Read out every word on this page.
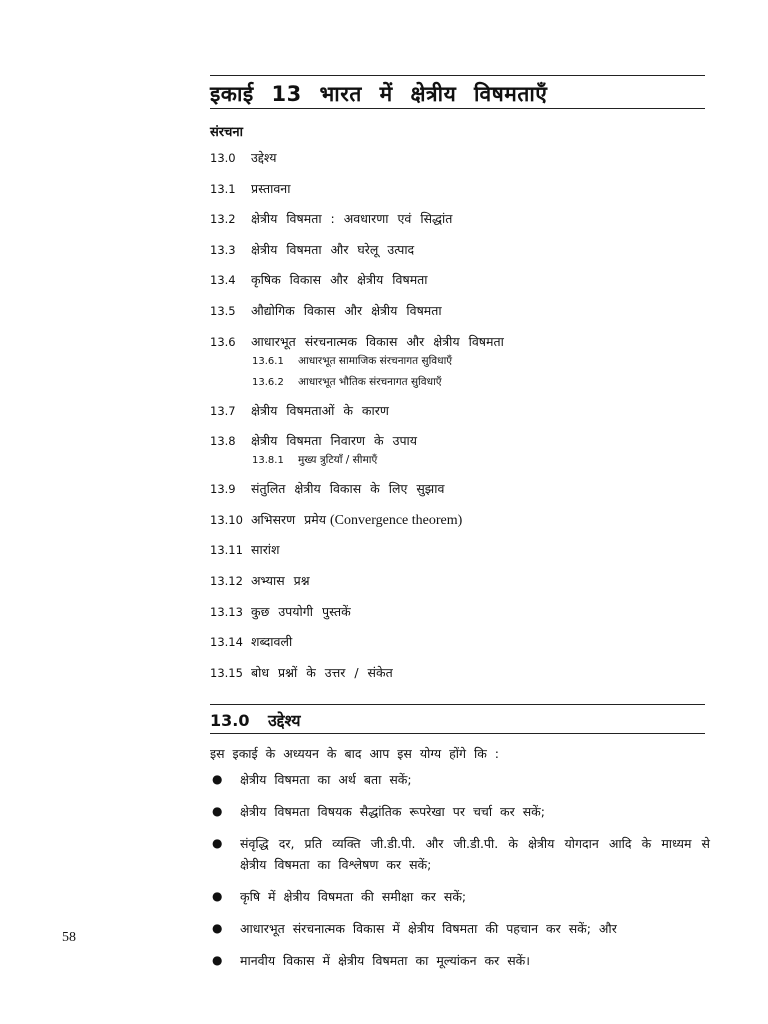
इकाई 13 भारत में क्षेत्रीय विषमताएँ
संरचना
13.0 उद्देश्य
13.1 प्रस्तावना
13.2 क्षेत्रीय विषमता : अवधारणा एवं सिद्धांत
13.3 क्षेत्रीय विषमता और घरेलू उत्पाद
13.4 कृषिक विकास और क्षेत्रीय विषमता
13.5 औद्योगिक विकास और क्षेत्रीय विषमता
13.6 आधारभूत संरचनात्मक विकास और क्षेत्रीय विषमता
13.6.1 आधारभूत सामाजिक संरचनागत सुविधाएँ
13.6.2 आधारभूत भौतिक संरचनागत सुविधाएँ
13.7 क्षेत्रीय विषमताओं के कारण
13.8 क्षेत्रीय विषमता निवारण के उपाय
13.8.1 मुख्य त्रुटियाँ / सीमाएँ
13.9 संतुलित क्षेत्रीय विकास के लिए सुझाव
13.10 अभिसरण प्रमेय (Convergence theorem)
13.11 सारांश
13.12 अभ्यास प्रश्न
13.13 कुछ उपयोगी पुस्तकें
13.14 शब्दावली
13.15 बोध प्रश्नों के उत्तर / संकेत
13.0 उद्देश्य
इस इकाई के अध्ययन के बाद आप इस योग्य होंगे कि :
● क्षेत्रीय विषमता का अर्थ बता सकें;
● क्षेत्रीय विषमता विषयक सैद्धांतिक रूपरेखा पर चर्चा कर सकें;
● संवृद्धि दर, प्रति व्यक्ति जी.डी.पी. और जी.डी.पी. के क्षेत्रीय योगदान आदि के माध्यम से क्षेत्रीय विषमता का विश्लेषण कर सकें;
● कृषि में क्षेत्रीय विषमता की समीक्षा कर सकें;
● आधारभूत संरचनात्मक विकास में क्षेत्रीय विषमता की पहचान कर सकें; और
● मानवीय विकास में क्षेत्रीय विषमता का मूल्यांकन कर सकें।
58
